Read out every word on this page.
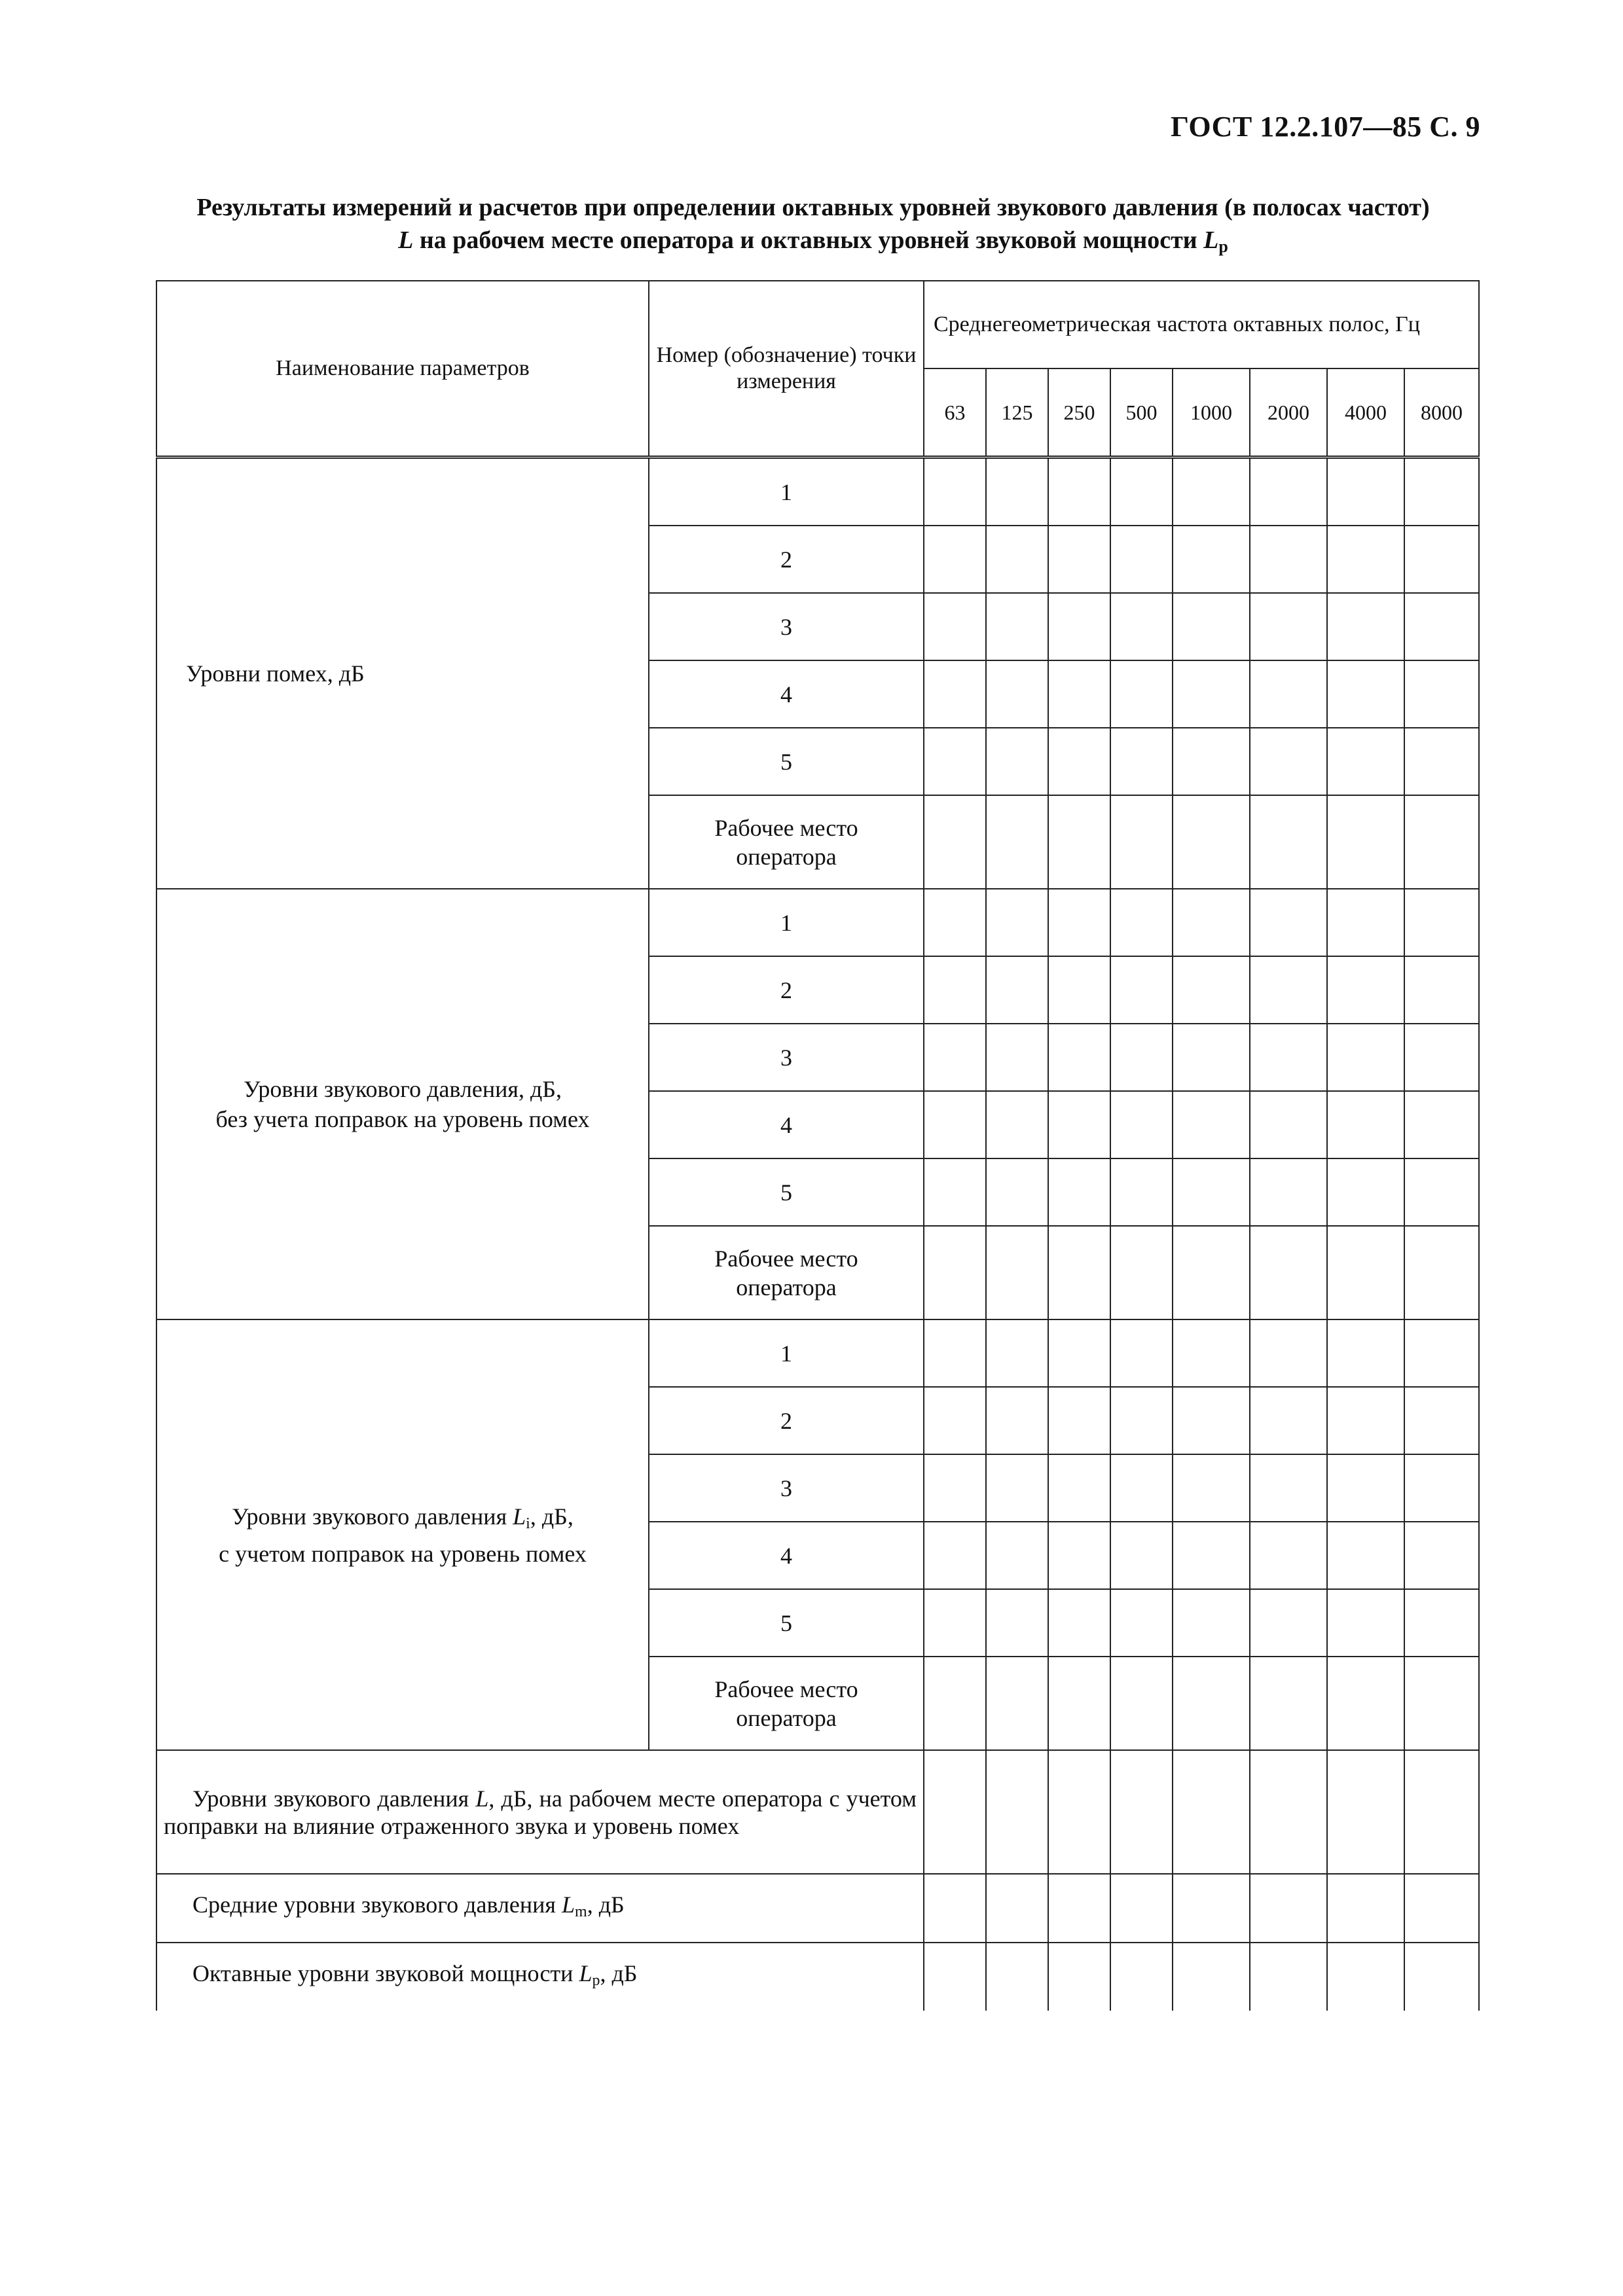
ГОСТ 12.2.107—85 С. 9
Результаты измерений и расчетов при определении октавных уровней звукового давления (в полосах частот)
L на рабочем месте оператора и октавных уровней звуковой мощности $L_р$
Наименование параметров	Номер (обозначение) точки измерения	Среднегеометрическая частота октавных полос, Гц							
		63	125	250	500	1000	2000	4000	8000
Уровни помех, дБ	1								
	2								
	3								
	4								
	5								
	Рабочее место оператора								

Уровни звукового давления, дБ,
без учета поправок на уровень помех	1								
	2								
	3								
	4								
	5								
	Рабочее место оператора								

Уровни звукового давления $L_i$, дБ,
с учетом поправок на уровень помех	1								
	2								
	3								
	4								
	5								
	Рабочее место оператора								
Уровни звукового давления L, дБ, на рабочем месте оператора с учетом поправки на влияние отраженного звука и уровень помех									
Средние уровни звукового давления $L_m$, дБ									
Октавные уровни звуковой мощности $L_р$, дБ									
